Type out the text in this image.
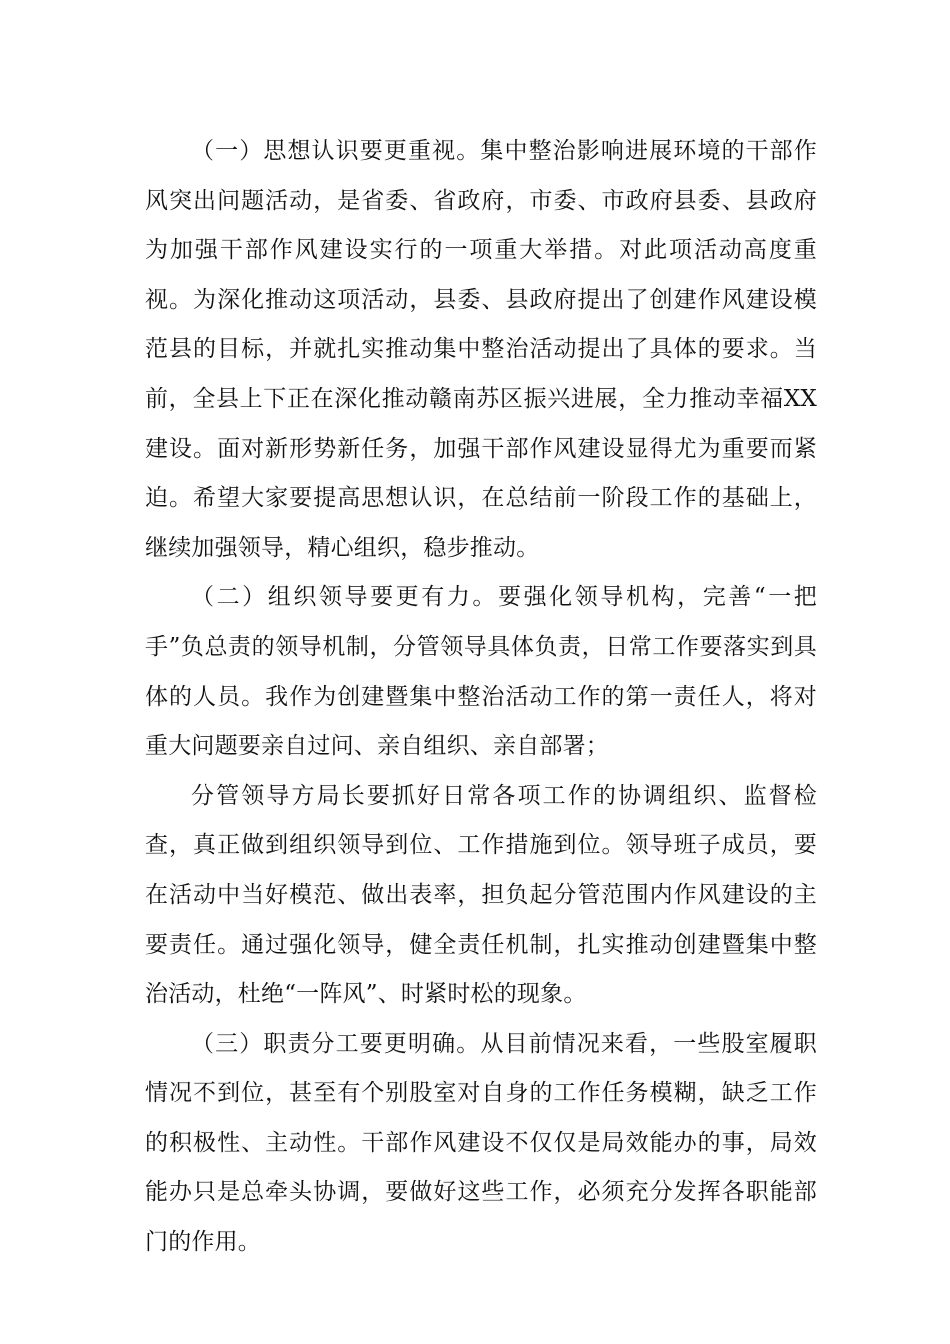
（一）思想认识要更重视。集中整治影响进展环境的干部作风突出问题活动，是省委、省政府，市委、市政府县委、县政府为加强干部作风建设实行的一项重大举措。对此项活动高度重视。为深化推动这项活动，县委、县政府提出了创建作风建设模范县的目标，并就扎实推动集中整治活动提出了具体的要求。当前，全县上下正在深化推动赣南苏区振兴进展，全力推动幸福XX建设。面对新形势新任务，加强干部作风建设显得尤为重要而紧迫。希望大家要提高思想认识，在总结前一阶段工作的基础上，继续加强领导，精心组织，稳步推动。

（二）组织领导要更有力。要强化领导机构，完善“一把手”负总责的领导机制，分管领导具体负责，日常工作要落实到具体的人员。我作为创建暨集中整治活动工作的第一责任人，将对重大问题要亲自过问、亲自组织、亲自部署；

分管领导方局长要抓好日常各项工作的协调组织、监督检查，真正做到组织领导到位、工作措施到位。领导班子成员，要在活动中当好模范、做出表率，担负起分管范围内作风建设的主要责任。通过强化领导，健全责任机制，扎实推动创建暨集中整治活动，杜绝“一阵风”、时紧时松的现象。

（三）职责分工要更明确。从目前情况来看，一些股室履职情况不到位，甚至有个别股室对自身的工作任务模糊，缺乏工作的积极性、主动性。干部作风建设不仅仅是局效能办的事，局效能办只是总牵头协调，要做好这些工作，必须充分发挥各职能部门的作用。
